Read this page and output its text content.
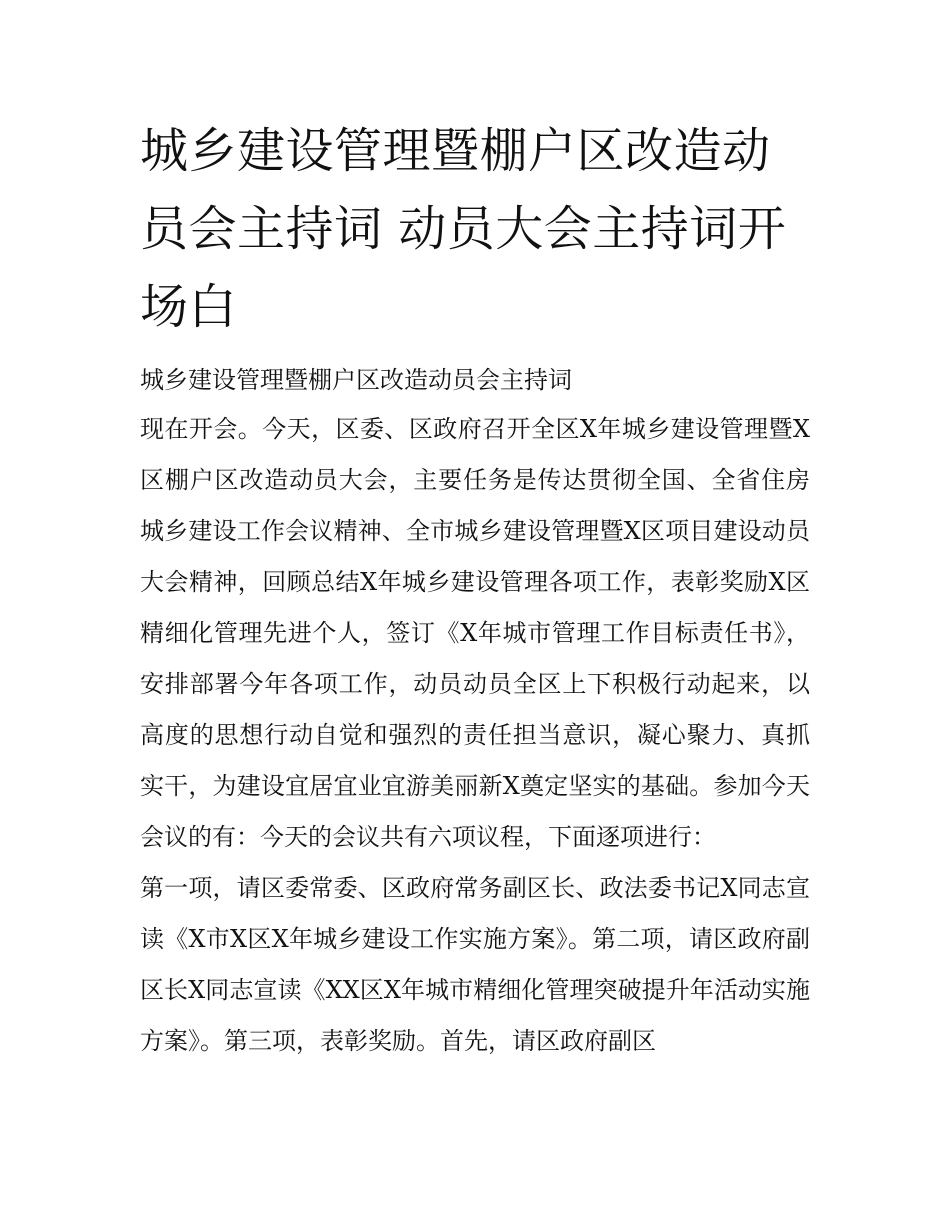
城乡建设管理暨棚户区改造动员会主持词 动员大会主持词开场白

城乡建设管理暨棚户区改造动员会主持词

现在开会。今天，区委、区政府召开全区X年城乡建设管理暨X区棚户区改造动员大会，主要任务是传达贯彻全国、全省住房城乡建设工作会议精神、全市城乡建设管理暨X区项目建设动员大会精神，回顾总结X年城乡建设管理各项工作，表彰奖励X区精细化管理先进个人，签订《X年城市管理工作目标责任书》，安排部署今年各项工作，动员动员全区上下积极行动起来，以高度的思想行动自觉和强烈的责任担当意识，凝心聚力、真抓实干，为建设宜居宜业宜游美丽新X奠定坚实的基础。参加今天会议的有：今天的会议共有六项议程，下面逐项进行：

第一项，请区委常委、区政府常务副区长、政法委书记X同志宣读《X市X区X年城乡建设工作实施方案》。第二项，请区政府副区长X同志宣读《XX区X年城市精细化管理突破提升年活动实施方案》。第三项，表彰奖励。首先，请区政府副区
